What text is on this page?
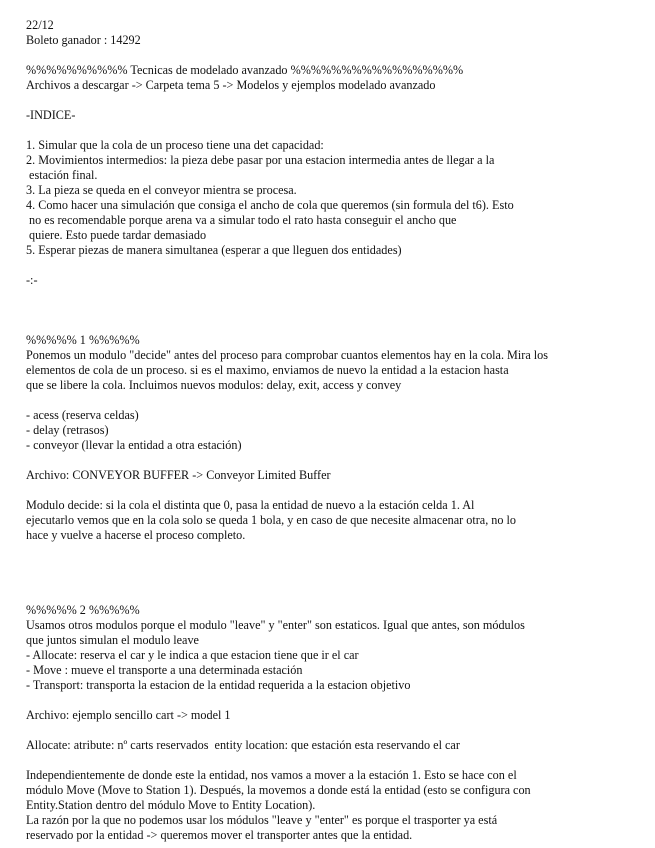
22/12
Boleto ganador : 14292
%%%%%%%%%% Tecnicas de modelado avanzado %%%%%%%%%%%%%%%%%
Archivos a descargar -> Carpeta tema 5 -> Modelos y ejemplos modelado avanzado
-INDICE-
1. Simular que la cola de un proceso tiene una det capacidad:
2. Movimientos intermedios: la pieza debe pasar por una estacion intermedia antes de llegar a la
estación final.
3. La pieza se queda en el conveyor mientra se procesa.
4. Como hacer una simulación que consiga el ancho de cola que queremos (sin formula del t6). Esto
no es recomendable porque arena va a simular todo el rato hasta conseguir el ancho que
quiere. Esto puede tardar demasiado
5. Esperar piezas de manera simultanea (esperar a que lleguen dos entidades)
-:-
%%%%% 1 %%%%%
Ponemos un modulo "decide" antes del proceso para comprobar cuantos elementos hay en la cola. Mira los
elementos de cola de un proceso. si es el maximo, enviamos de nuevo la entidad a la estacion hasta
que se libere la cola. Incluimos nuevos modulos: delay, exit, access y convey
- acess (reserva celdas)
- delay (retrasos)
- conveyor (llevar la entidad a otra estación)
Archivo: CONVEYOR BUFFER -> Conveyor Limited Buffer
Modulo decide: si la cola el distinta que 0, pasa la entidad de nuevo a la estación celda 1. Al
ejecutarlo vemos que en la cola solo se queda 1 bola, y en caso de que necesite almacenar otra, no lo
hace y vuelve a hacerse el proceso completo.
%%%%% 2 %%%%%
Usamos otros modulos porque el modulo "leave" y "enter" son estaticos. Igual que antes, son módulos
que juntos simulan el modulo leave
- Allocate: reserva el car y le indica a que estacion tiene que ir el car
- Move : mueve el transporte a una determinada estación
- Transport: transporta la estacion de la entidad requerida a la estacion objetivo
Archivo: ejemplo sencillo cart -> model 1
Allocate: atribute: nº carts reservados  entity location: que estación esta reservando el car
Independientemente de donde este la entidad, nos vamos a mover a la estación 1. Esto se hace con el
módulo Move (Move to Station 1). Después, la movemos a donde está la entidad (esto se configura con
Entity.Station dentro del módulo Move to Entity Location).
La razón por la que no podemos usar los módulos "leave y "enter" es porque el trasporter ya está
reservado por la entidad -> queremos mover el transporter antes que la entidad.
